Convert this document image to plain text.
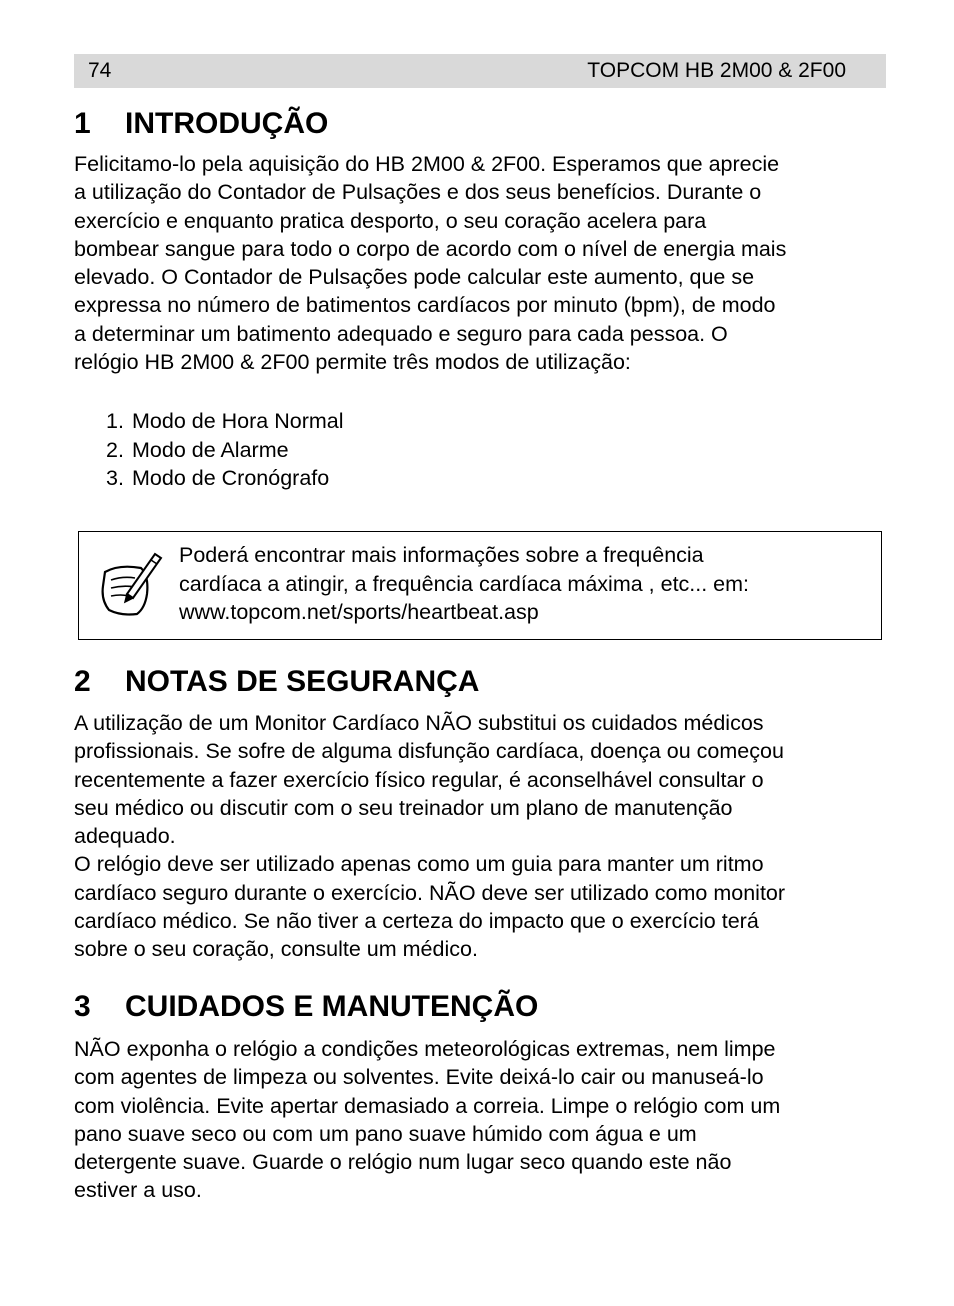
74	TOPCOM HB 2M00 & 2F00
1	INTRODUÇÃO

Felicitamo-lo pela aquisição do HB 2M00 & 2F00. Esperamos que aprecie
a utilização do Contador de Pulsações e dos seus benefícios. Durante o
exercício e enquanto pratica desporto, o seu coração acelera para
bombear sangue para todo o corpo de acordo com o nível de energia mais
elevado. O Contador de Pulsações pode calcular este aumento, que se
expressa no número de batimentos cardíacos por minuto (bpm), de modo
a determinar um batimento adequado e seguro para cada pessoa. O
relógio HB 2M00 & 2F00 permite três modos de utilização:

1. Modo de Hora Normal
2. Modo de Alarme
3. Modo de Cronógrafo

Poderá encontrar mais informações sobre a frequência
cardíaca a atingir, a frequência cardíaca máxima , etc... em:
www.topcom.net/sports/heartbeat.asp

2	NOTAS DE SEGURANÇA

A utilização de um Monitor Cardíaco NÃO substitui os cuidados médicos
profissionais. Se sofre de alguma disfunção cardíaca, doença ou começou
recentemente a fazer exercício físico regular, é aconselhável consultar o
seu médico ou discutir com o seu treinador um plano de manutenção
adequado.
O relógio deve ser utilizado apenas como um guia para manter um ritmo
cardíaco seguro durante o exercício. NÃO deve ser utilizado como monitor
cardíaco médico. Se não tiver a certeza do impacto que o exercício terá
sobre o seu coração, consulte um médico.

3	CUIDADOS E MANUTENÇÃO

NÃO exponha o relógio a condições meteorológicas extremas, nem limpe
com agentes de limpeza ou solventes. Evite deixá-lo cair ou manuseá-lo
com violência. Evite apertar demasiado a correia. Limpe o relógio com um
pano suave seco ou com um pano suave húmido com água e um
detergente suave. Guarde o relógio num lugar seco quando este não
estiver a uso.
